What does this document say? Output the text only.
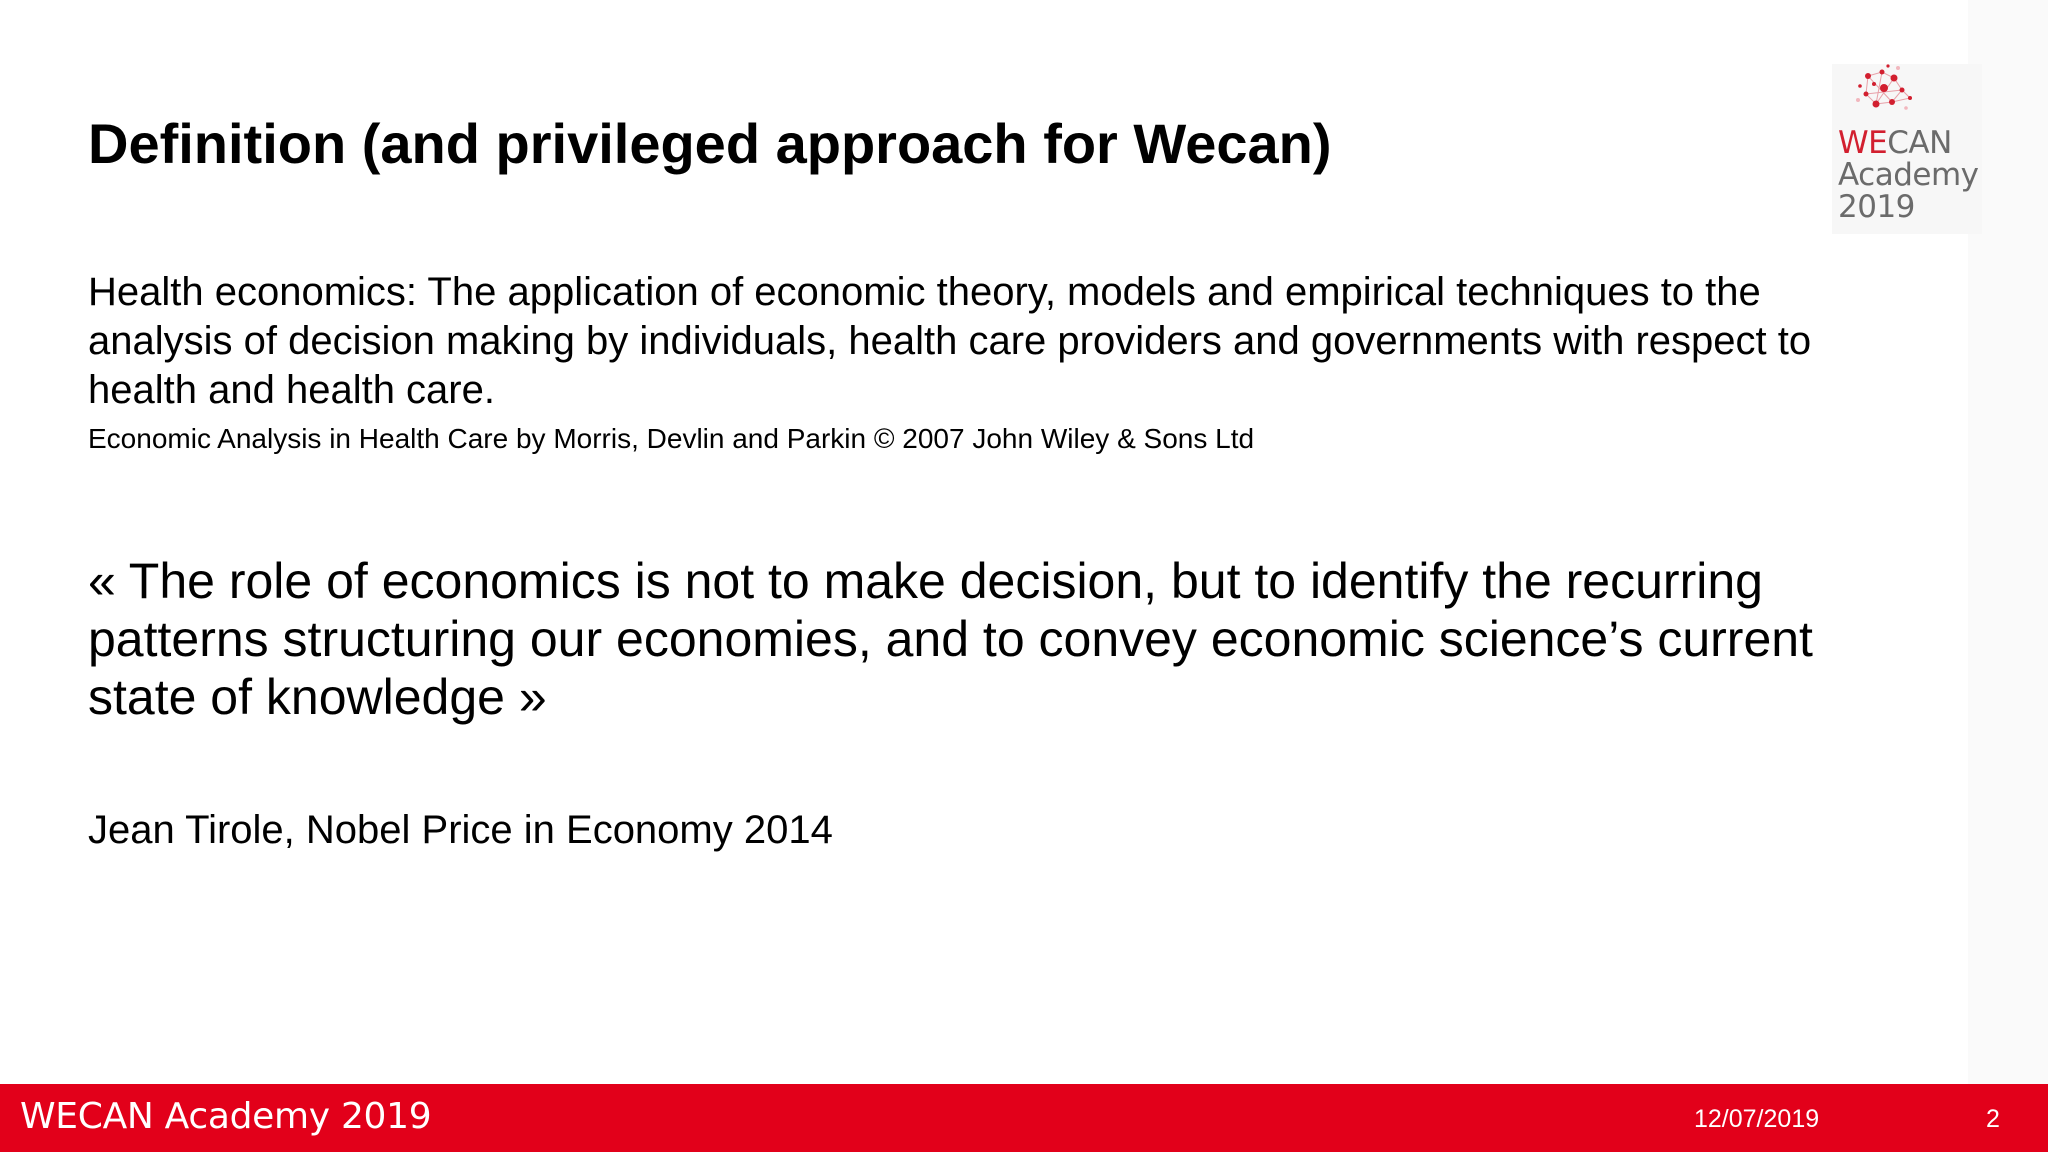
Definition (and privileged approach for Wecan)	WECAN
Academy
2019
Health economics: The application of economic theory, models and empirical techniques to the
analysis of decision making by individuals, health care providers and governments with respect to
health and health care.
Economic Analysis in Health Care by Morris, Devlin and Parkin © 2007 John Wiley & Sons Ltd
« The role of economics is not to make decision, but to identify the recurring
patterns structuring our economies, and to convey economic science’s current
state of knowledge »
Jean Tirole, Nobel Price in Economy 2014
WECAN Academy 2019	12/07/2019	2
